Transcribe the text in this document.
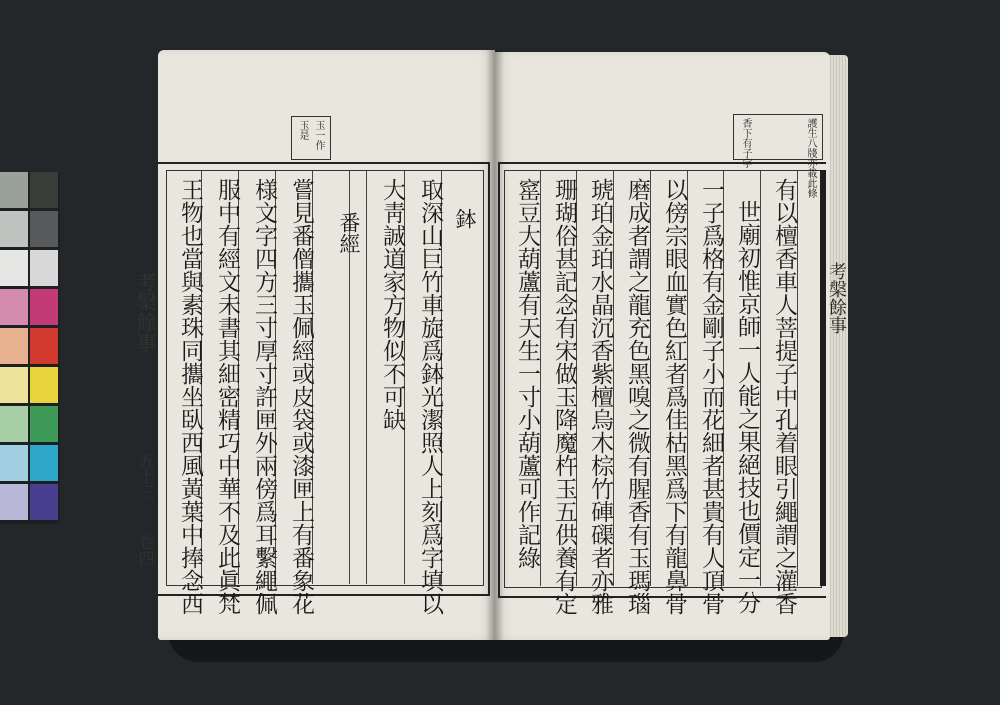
鉢
取深山巨竹車旋爲鉢光潔照人上刻爲字填以
大靑誠道家方物似不可缺
番經
嘗見番僧攜玉佩經或皮袋或漆匣上有番象花
様文字四方三寸厚寸許匣外兩傍爲耳繫繩佩
服中有經文未書其細密精巧中華不及此眞梵
王物也當與素珠同攜坐臥西風黃葉中捧念西
玉一作
玉是
考槃餘事
五十三
卷四	有以檀香車人菩提子中孔着眼引繩謂之灌香
世廟初惟京師一人能之果絕技也價定一分
一子爲格有金剛子小而花細者甚貴有人頂骨
以傍宗眼血實色紅者爲佳枯黑爲下有龍鼻骨
磨成者謂之龍充色黑嗅之微有腥香有玉瑪瑙
琥珀金珀水晶沉香紫檀烏木棕竹硨磲者亦雅
珊瑚俗甚記念有宋做玉降魔杵玉五供養有定
窰豆大葫蘆有天生一寸小葫蘆可作記綠
護生八牋亦載此條
香下有子字
考槃餘事
